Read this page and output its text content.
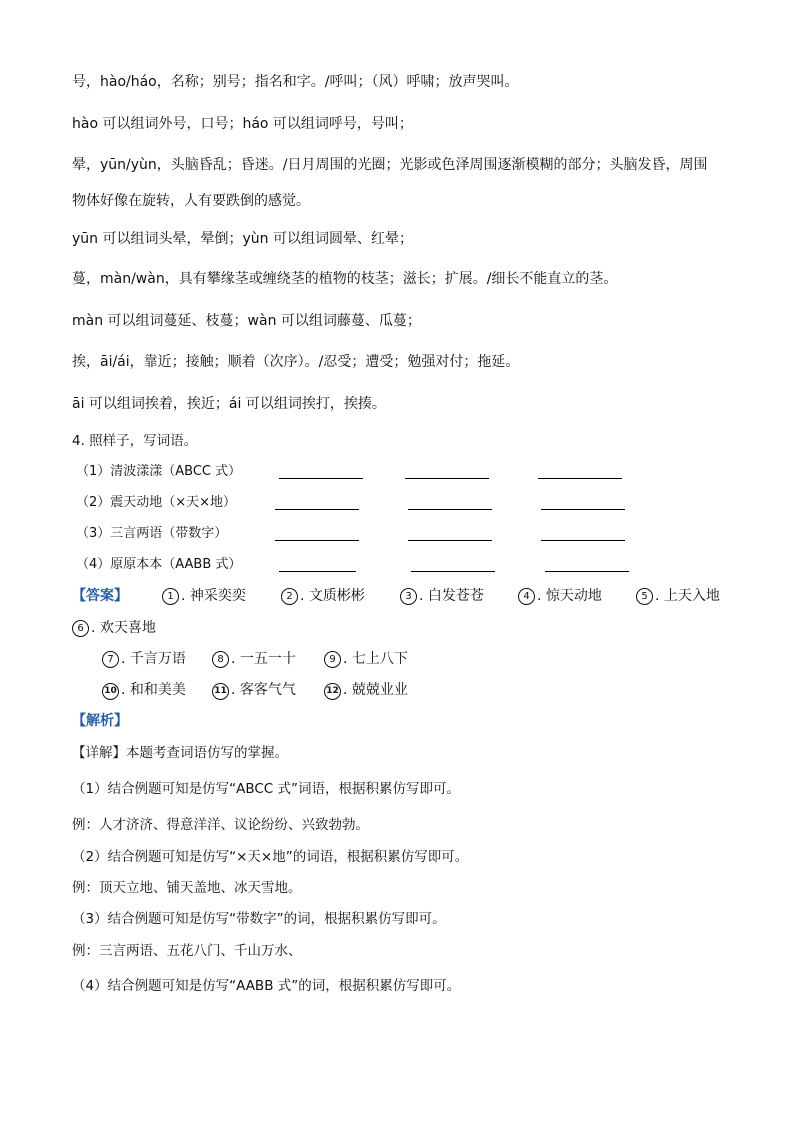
号，hào/háo，名称；别号；指名和字。/呼叫；（风）呼啸；放声哭叫。
hào 可以组词外号，口号；háo 可以组词呼号，号叫；
晕，yūn/yùn，头脑昏乱；昏迷。/日月周围的光圈；光影或色泽周围逐渐模糊的部分；头脑发昏，周围
物体好像在旋转，人有要跌倒的感觉。
yūn 可以组词头晕，晕倒；yùn 可以组词圆晕、红晕；
蔓，màn/wàn，具有攀缘茎或缠绕茎的植物的枝茎；滋长；扩展。/细长不能直立的茎。
màn 可以组词蔓延、枝蔓；wàn 可以组词藤蔓、瓜蔓；
挨，āi/ái，靠近；接触；顺着（次序）。/忍受；遭受；勉强对付；拖延。
āi 可以组词挨着，挨近；ái 可以组词挨打，挨揍。
4. 照样子，写词语。
（1）清波漾漾（ABCC 式）
（2）震天动地（×天×地）
（3）三言两语（带数字）
（4）原原本本（AABB 式）
【答案】	1 . 神采奕奕	2 . 文质彬彬	3 . 白发苍苍	4 . 惊天动地	5 . 上天入地
6 . 欢天喜地
7 . 千言万语	8 . 一五一十	9 . 七上八下
10 . 和和美美	11 . 客客气气	12 . 兢兢业业
【解析】
【详解】本题考查词语仿写的掌握。
（1）结合例题可知是仿写“ABCC 式”词语，根据积累仿写即可。
例：人才济济、得意洋洋、议论纷纷、兴致勃勃。
（2）结合例题可知是仿写“×天×地”的词语，根据积累仿写即可。
例：顶天立地、铺天盖地、冰天雪地。
（3）结合例题可知是仿写“带数字”的词，根据积累仿写即可。
例：三言两语、五花八门、千山万水、
（4）结合例题可知是仿写“AABB 式”的词，根据积累仿写即可。
